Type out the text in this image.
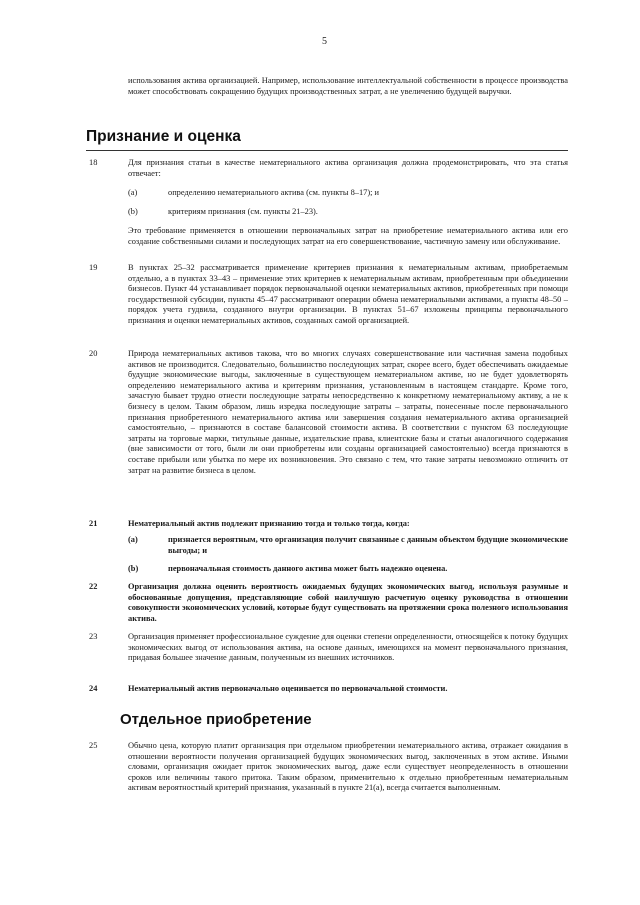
5
использования актива организацией. Например, использование интеллектуальной собственности в процессе производства может способствовать сокращению будущих производственных затрат, а не увеличению будущей выручки.
Признание и оценка
18	Для признания статьи в качестве нематериального актива организация должна продемонстрировать, что эта статья отвечает:
(a)	определению нематериального актива (см. пункты 8–17); и
(b)	критериям признания (см. пункты 21–23).
Это требование применяется в отношении первоначальных затрат на приобретение нематериального актива или его создание собственными силами и последующих затрат на его совершенствование, частичную замену или обслуживание.
19	В пунктах 25–32 рассматривается применение критериев признания к нематериальным активам, приобретаемым отдельно, а в пунктах 33–43 – применение этих критериев к нематериальным активам, приобретенным при объединении бизнесов. Пункт 44 устанавливает порядок первоначальной оценки нематериальных активов, приобретенных при помощи государственной субсидии, пункты 45–47 рассматривают операции обмена нематериальными активами, а пункты 48–50 – порядок учета гудвила, созданного внутри организации. В пунктах 51–67 изложены принципы первоначального признания и оценки нематериальных активов, созданных самой организацией.
20	Природа нематериальных активов такова, что во многих случаях совершенствование или частичная замена подобных активов не производится. Следовательно, большинство последующих затрат, скорее всего, будет обеспечивать ожидаемые будущие экономические выгоды, заключенные в существующем нематериальном активе, но не будет удовлетворять определению нематериального актива и критериям признания, установленным в настоящем стандарте. Кроме того, зачастую бывает трудно отнести последующие затраты непосредственно к конкретному нематериальному активу, а не к бизнесу в целом. Таким образом, лишь изредка последующие затраты – затраты, понесенные после первоначального признания приобретенного нематериального актива или завершения создания нематериального актива организацией самостоятельно, – признаются в составе балансовой стоимости актива. В соответствии с пунктом 63 последующие затраты на торговые марки, титульные данные, издательские права, клиентские базы и статьи аналогичного содержания (вне зависимости от того, были ли они приобретены или созданы организацией самостоятельно) всегда признаются в составе прибыли или убытка по мере их возникновения. Это связано с тем, что такие затраты невозможно отличить от затрат на развитие бизнеса в целом.
21	Нематериальный актив подлежит признанию тогда и только тогда, когда:
(a)	признается вероятным, что организация получит связанные с данным объектом будущие экономические выгоды; и
(b)	первоначальная стоимость данного актива может быть надежно оценена.
22	Организация должна оценить вероятность ожидаемых будущих экономических выгод, используя разумные и обоснованные допущения, представляющие собой наилучшую расчетную оценку руководства в отношении совокупности экономических условий, которые будут существовать на протяжении срока полезного использования актива.
23	Организация применяет профессиональное суждение для оценки степени определенности, относящейся к потоку будущих экономических выгод от использования актива, на основе данных, имеющихся на момент первоначального признания, придавая большее значение данным, полученным из внешних источников.
24	Нематериальный актив первоначально оценивается по первоначальной стоимости.
Отдельное приобретение
25	Обычно цена, которую платит организация при отдельном приобретении нематериального актива, отражает ожидания в отношении вероятности получения организацией будущих экономических выгод, заключенных в этом активе. Иными словами, организация ожидает приток экономических выгод, даже если существует неопределенность в отношении сроков или величины такого притока. Таким образом, применительно к отдельно приобретенным нематериальным активам вероятностный критерий признания, указанный в пункте 21(а), всегда считается выполненным.
